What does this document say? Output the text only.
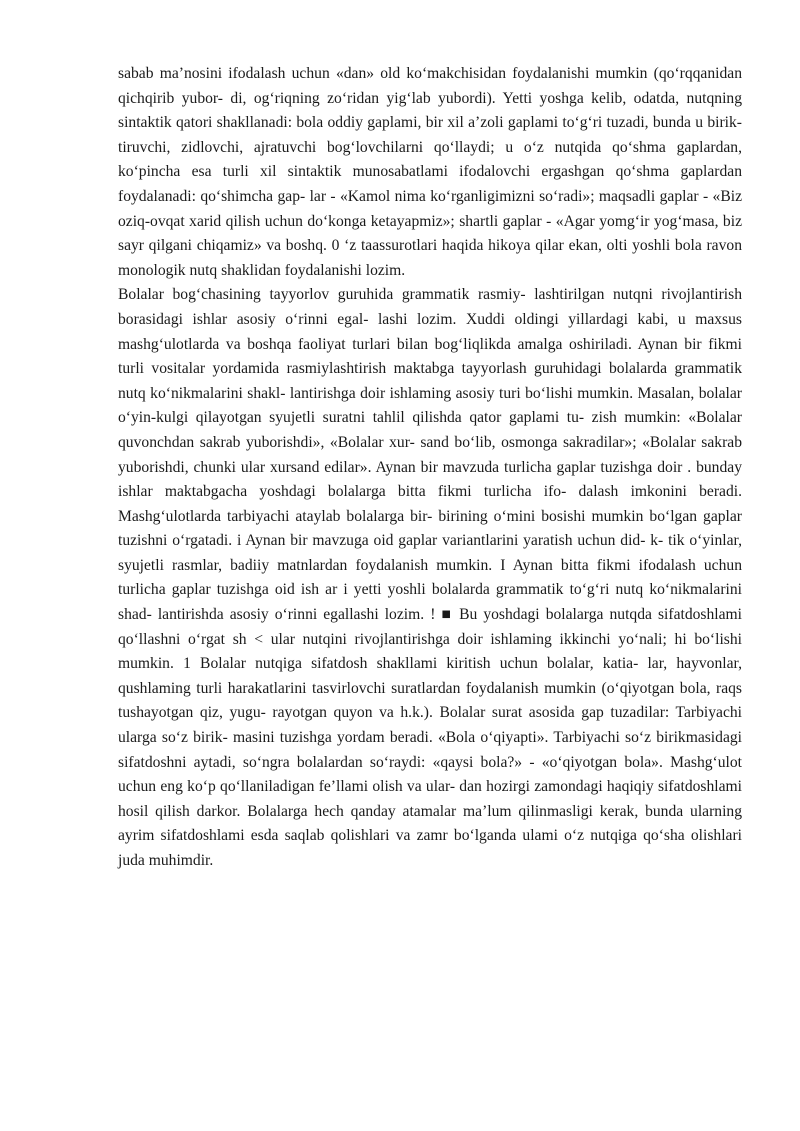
sabab ma’nosini ifodalash uchun «dan» old ko‘makchisidan foydalanishi mumkin (qo‘rqqanidan qichqirib yubor- di, og‘riqning zo‘ridan yig‘lab yubordi). Yetti yoshga kelib, odatda, nutqning sintaktik qatori shakllanadi: bola oddiy gaplami, bir xil a’zoli gaplami to‘g‘ri tuzadi, bunda u birik- tiruvchi, zidlovchi, ajratuvchi bog‘lovchilarni qo‘llaydi; u o‘z nutqida qo‘shma gaplardan, ko‘pincha esa turli xil sintaktik munosabatlami ifodalovchi ergashgan qo‘shma gaplardan foydalanadi: qo‘shimcha gap- lar - «Kamol nima ko‘rganligimizni so‘radi»; maqsadli gaplar - «Biz oziq-ovqat xarid qilish uchun do‘konga ketayapmiz»; shartli gaplar - «Agar yomg‘ir yog‘masa, biz sayr qilgani chiqamiz» va boshq. 0 ‘z taassurotlari haqida hikoya qilar ekan, olti yoshli bola ravon monologik nutq shaklidan foydalanishi lozim.

Bolalar bog‘chasining tayyorlov guruhida grammatik rasmiy- lashtirilgan nutqni rivojlantirish borasidagi ishlar asosiy o‘rinni egal- lashi lozim. Xuddi oldingi yillardagi kabi, u maxsus mashg‘ulotlarda va boshqa faoliyat turlari bilan bog‘liqlikda amalga oshiriladi. Aynan bir fikmi turli vositalar yordamida rasmiylashtirish maktabga tayyorlash guruhidagi bolalarda grammatik nutq ko‘nikmalarini shakl- lantirishga doir ishlaming asosiy turi bo‘lishi mumkin. Masalan, bolalar o‘yin-kulgi qilayotgan syujetli suratni tahlil qilishda qator gaplami tu- zish mumkin: «Bolalar quvonchdan sakrab yuborishdi», «Bolalar xur- sand bo‘lib, osmonga sakradilar»; «Bolalar sakrab yuborishdi, chunki ular xursand edilar». Aynan bir mavzuda turlicha gaplar tuzishga doir . bunday ishlar maktabgacha yoshdagi bolalarga bitta fikmi turlicha ifo- dalash imkonini beradi. Mashg‘ulotlarda tarbiyachi ataylab bolalarga bir- birining o‘mini bosishi mumkin bo‘lgan gaplar tuzishni o‘rgatadi. i Aynan bir mavzuga oid gaplar variantlarini yaratish uchun did- k- tik o‘yinlar, syujetli rasmlar, badiiy matnlardan foydalanish mumkin. I Aynan bitta fikmi ifodalash uchun turlicha gaplar tuzishga oid ish ar i yetti yoshli bolalarda grammatik to‘g‘ri nutq ko‘nikmalarini shad- lantirishda asosiy o‘rinni egallashi lozim. ! ■ Bu yoshdagi bolalarga nutqda sifatdoshlami qo‘llashni o‘rgat sh < ular nutqini rivojlantirishga doir ishlaming ikkinchi yo‘nali; hi bo‘lishi mumkin. 1 Bolalar nutqiga sifatdosh shakllami kiritish uchun bolalar, katia- lar, hayvonlar, qushlaming turli harakatlarini tasvirlovchi suratlardan foydalanish mumkin (o‘qiyotgan bola, raqs tushayotgan qiz, yugu- rayotgan quyon va h.k.). Bolalar surat asosida gap tuzadilar: Tarbiyachi ularga so‘z birik- masini tuzishga yordam beradi. «Bola o‘qiyapti». Tarbiyachi so‘z birikmasidagi sifatdoshni aytadi, so‘ngra bolalardan so‘raydi: «qaysi bola?» - «o‘qiyotgan bola». Mashg‘ulot uchun eng ko‘p qo‘llaniladigan fe’llami olish va ular- dan hozirgi zamondagi haqiqiy sifatdoshlami hosil qilish darkor. Bolalarga hech qanday atamalar ma’lum qilinmasligi kerak, bunda ularning ayrim sifatdoshlami esda saqlab qolishlari va zamr bo‘lganda ulami o‘z nutqiga qo‘sha olishlari juda muhimdir.
